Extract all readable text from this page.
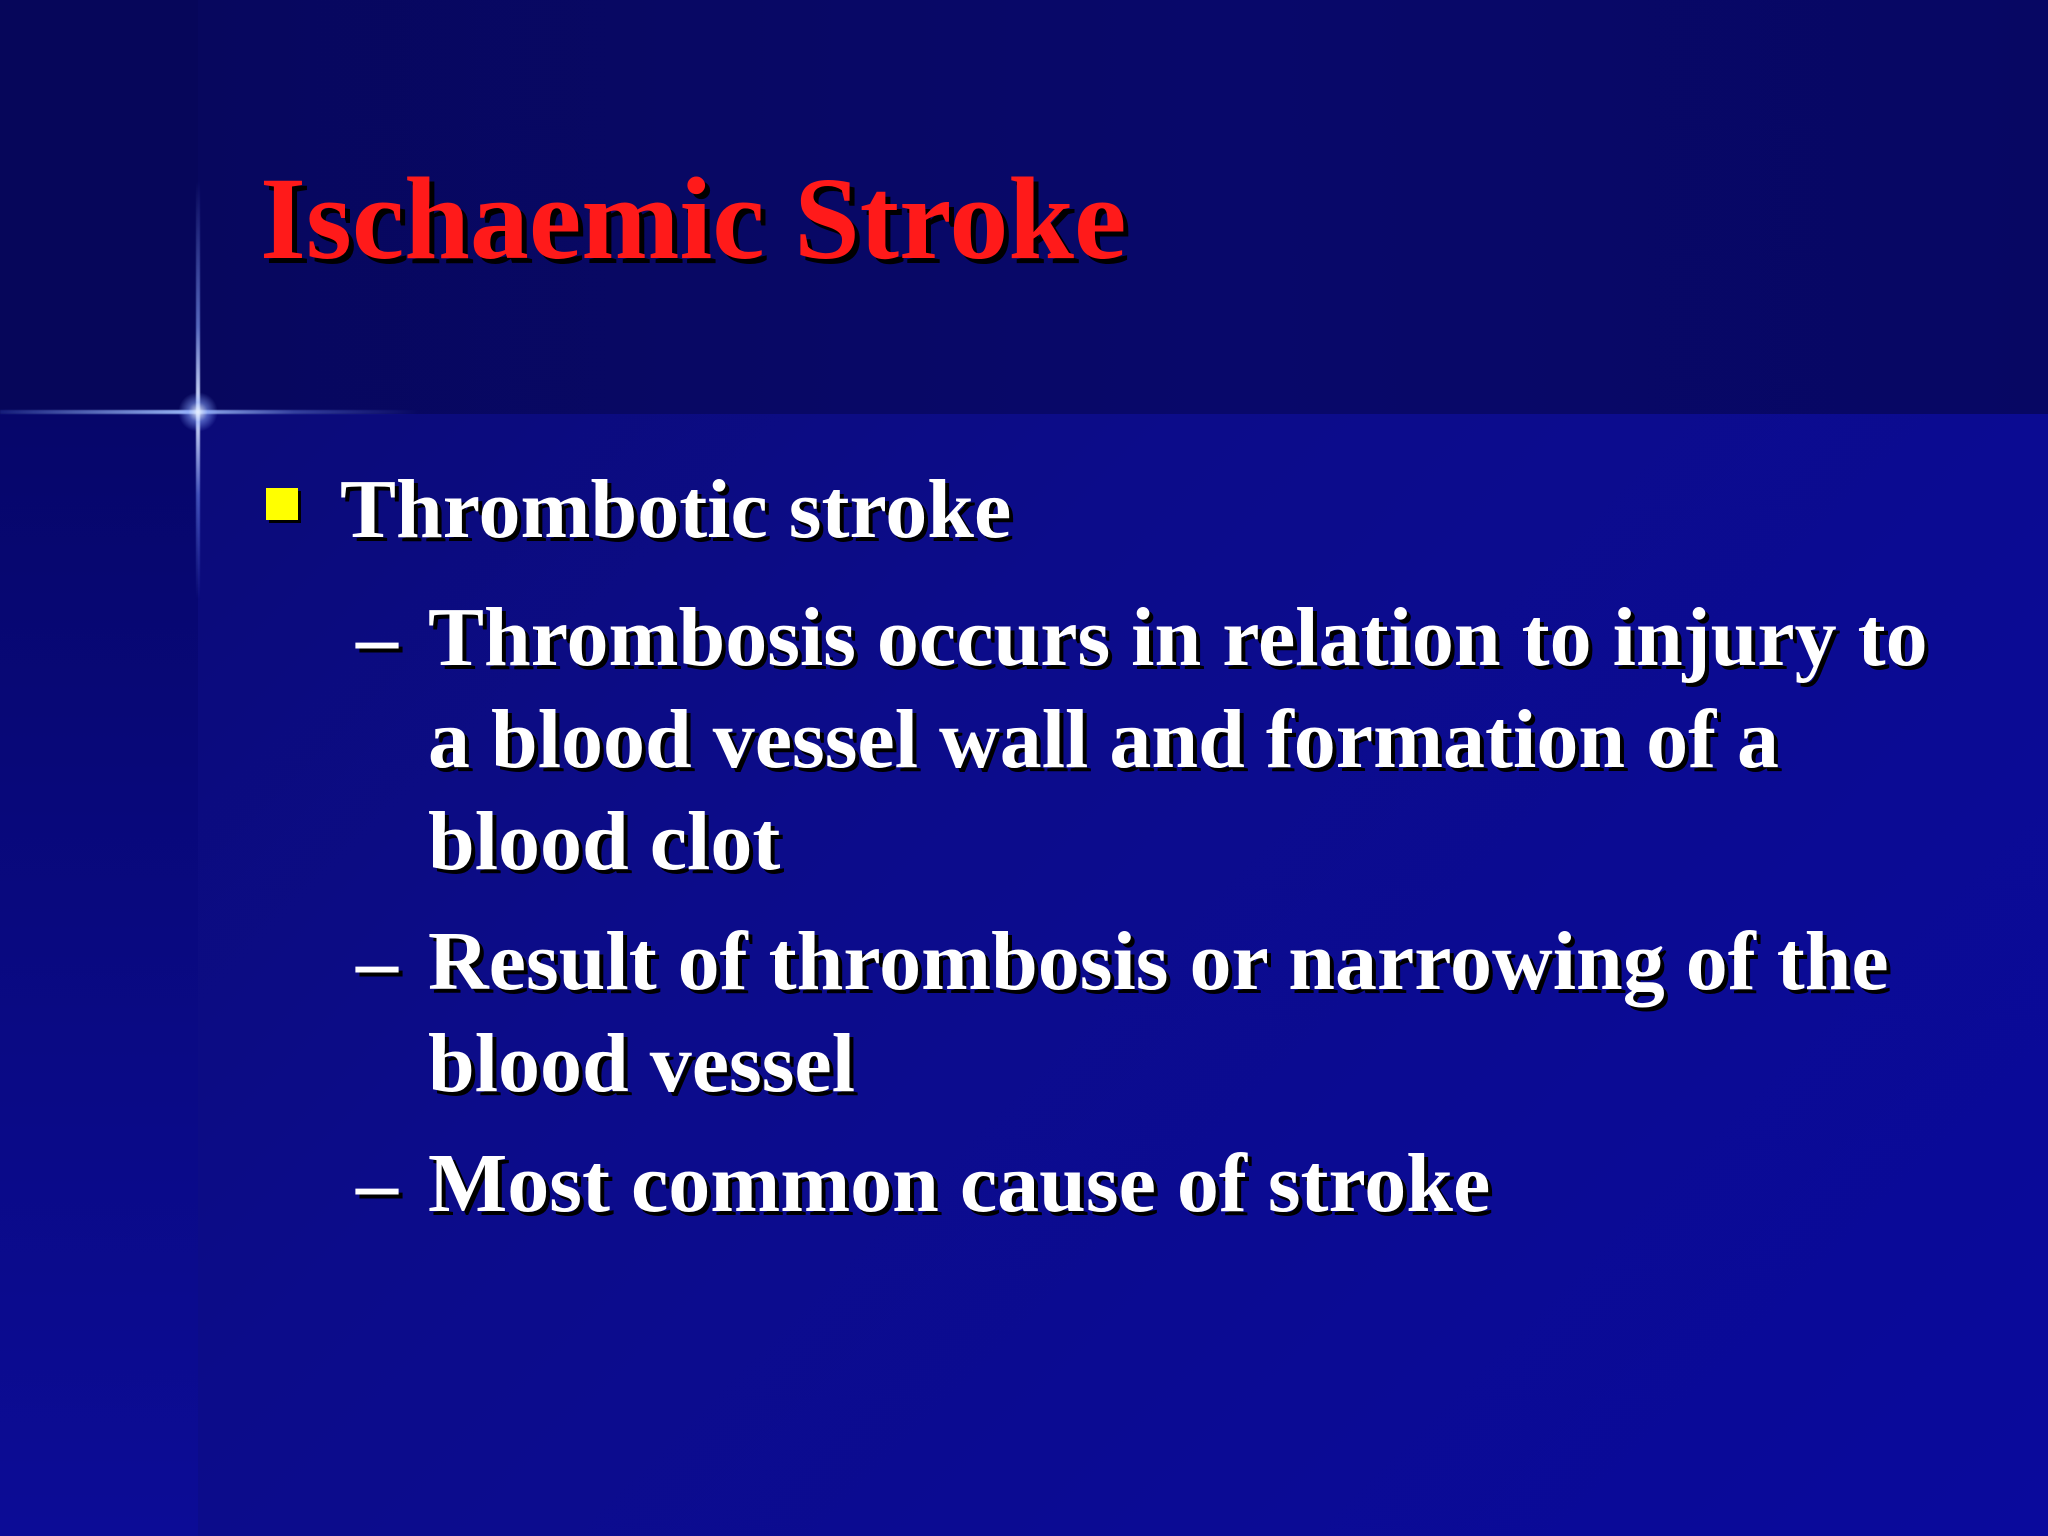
Ischaemic Stroke
Thrombotic stroke
– Thrombosis occurs in relation to injury to a blood vessel wall and formation of a blood clot
– Result of thrombosis or narrowing of the blood vessel
– Most common cause of stroke
